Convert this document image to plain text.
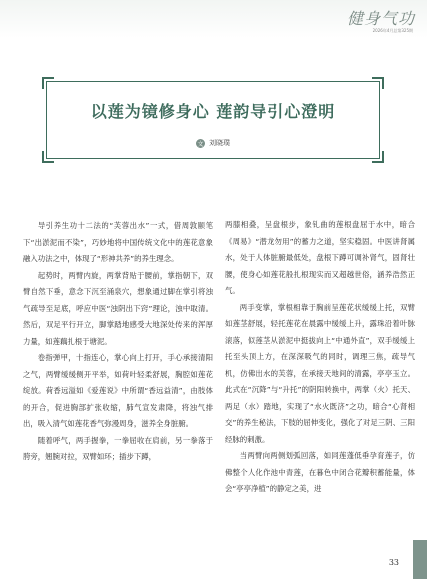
健身气功
2026年4月总第325期
以莲为镜修身心 莲韵导引心澄明
文 刘晓璞

导引养生功十二法的“芙蓉出水”一式，借周敦颐笔下“出淤泥而不染”，巧妙地将中国传统文化中的莲花意象融入功法之中，体现了“形神共养”的养生理念。

起势时，两臂内旋，两掌背贴于腰前，掌指朝下，双臂自然下垂，意念下沉至涌泉穴，想象通过脚在掌引将浊气疏导至足底，呼应中医“浊阴出下窍”理论，浊中取清。然后，双足平行开立，脚掌踏地感受大地深处传来的浑厚力量，如莲藕扎根于塘泥。

卷指弹甲，十指连心，掌心向上打开，手心承接清阳之气，两臂缓缓侧开平举，如荷叶轻柔舒展，胸腔如莲花绽放。荷香远溢如《爱莲说》中所谓“香远益清”，由肢体的开合，促进胸部扩张收缩，肺气宣发肃降，将浊气排出，吸入清气如莲花香气弥漫周身，滋养全身脏腑。

随着呼气，两手握拳，一拳屈收在肩前，另一拳落于胯旁，翘腕对拉，双臂如环；插步下蹲，

两膝相叠，呈盘根步，象钆曲的莲根盘屈于水中，暗合《周易》“潜龙勿用”的蓄力之道，坚实稳固。中医讲肾属水，处于人体脏腑最低处，盘根下蹲可调补肾气，固肾壮腰，使身心如莲花般扎根现实而又超越世俗，涵养浩然正气。

两手变掌，掌根相靠于胸前呈莲花状缓缓上托，双臂如莲茎舒展，轻托莲花在晨露中缓缓上升，露珠沿着叶脉滚落，似莲茎从淤泥中挺拔向上“中通外直”，双手缓缓上托至头顶上方，在深深吸气的同时，调理三焦，疏导气机，仿佛出水的芙蓉，在承接天地间的清露，亭亭玉立。此式在“沉降”与“升托”的阴阳转换中，两掌（火）托天、两足（水）踏地，实现了“水火既济”之功，暗合“心肾相交”的养生秘法，下肢的屈伸变化，强化了对足三阴、三阳经脉的刺激。

当两臂向两侧划弧回落，如同莲蓬低垂孕育莲子，仿佛整个人化作池中青莲，在暮色中闭合花瓣积蓄能量，体会“亭亭净植”的静定之美，进

33
